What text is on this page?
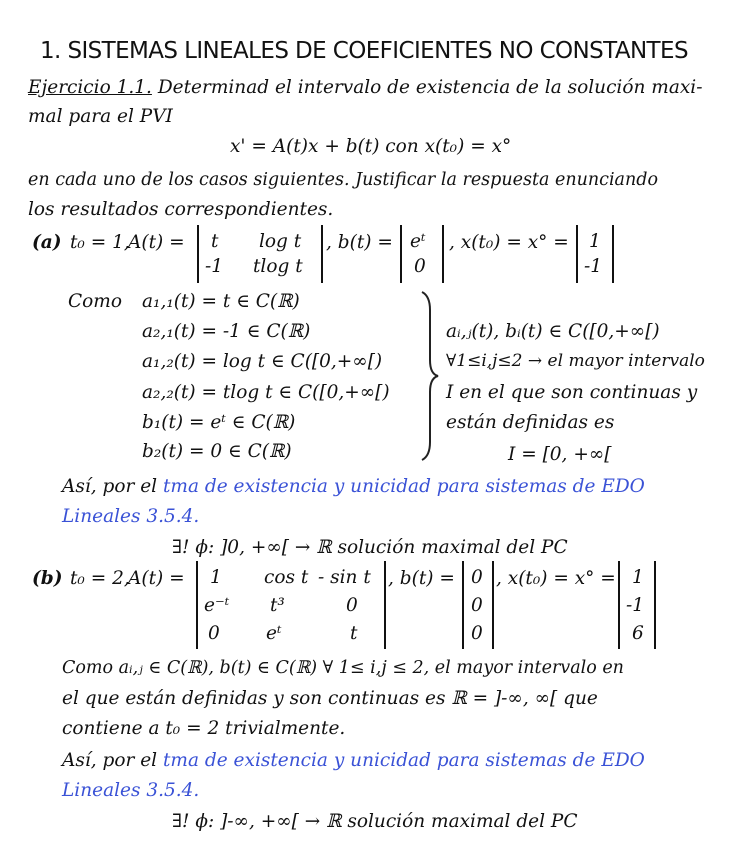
1. SISTEMAS LINEALES DE COEFICIENTES NO CONSTANTES
Ejercicio 1.1. Determinad el intervalo de existencia de la solución maxi-
mal para el PVI
x' = A(t)x + b(t) con x(t₀) = x°
en cada uno de los casos siguientes. Justificar la respuesta enunciando
los resultados correspondientes.
(a) t₀ = 1,
A(t) = t log t
-1 tlog t
, b(t) = eᵗ
0
, x(t₀) = x° = 1
-1
Como a₁,₁(t) = t ∈ C(ℝ)
a₂,₁(t) = -1 ∈ C(ℝ)
a₁,₂(t) = log t ∈ C([0,+∞[)
a₂,₂(t) = tlog t ∈ C([0,+∞[)
b₁(t) = eᵗ ∈ C(ℝ)
b₂(t) = 0 ∈ C(ℝ)
aᵢ,ⱼ(t), bᵢ(t) ∈ C([0,+∞[)
∀1≤i,j≤2 → el mayor intervalo
I en el que son continuas y
están definidas es
I = [0, +∞[
Así, por el tma de existencia y unicidad para sistemas de EDO
Lineales 3.5.4.
∃! ϕ: ]0, +∞[ → ℝ solución maximal del PC
(b) t₀ = 2,
A(t) = 1 cos t - sin t
e⁻ᵗ t³	0
0 eᵗ	t
, b(t) = 0
0
0
, x(t₀) = x° = 1
-1
6
Como aᵢ,ⱼ ∈ C(ℝ), b(t) ∈ C(ℝ) ∀ 1≤ i,j ≤ 2, el mayor intervalo en
el que están definidas y son continuas es ℝ = ]-∞, ∞[ que
contiene a t₀ = 2 trivialmente.
Así, por el tma de existencia y unicidad para sistemas de EDO
Lineales 3.5.4.
∃! ϕ: ]-∞, +∞[ → ℝ solución maximal del PC
